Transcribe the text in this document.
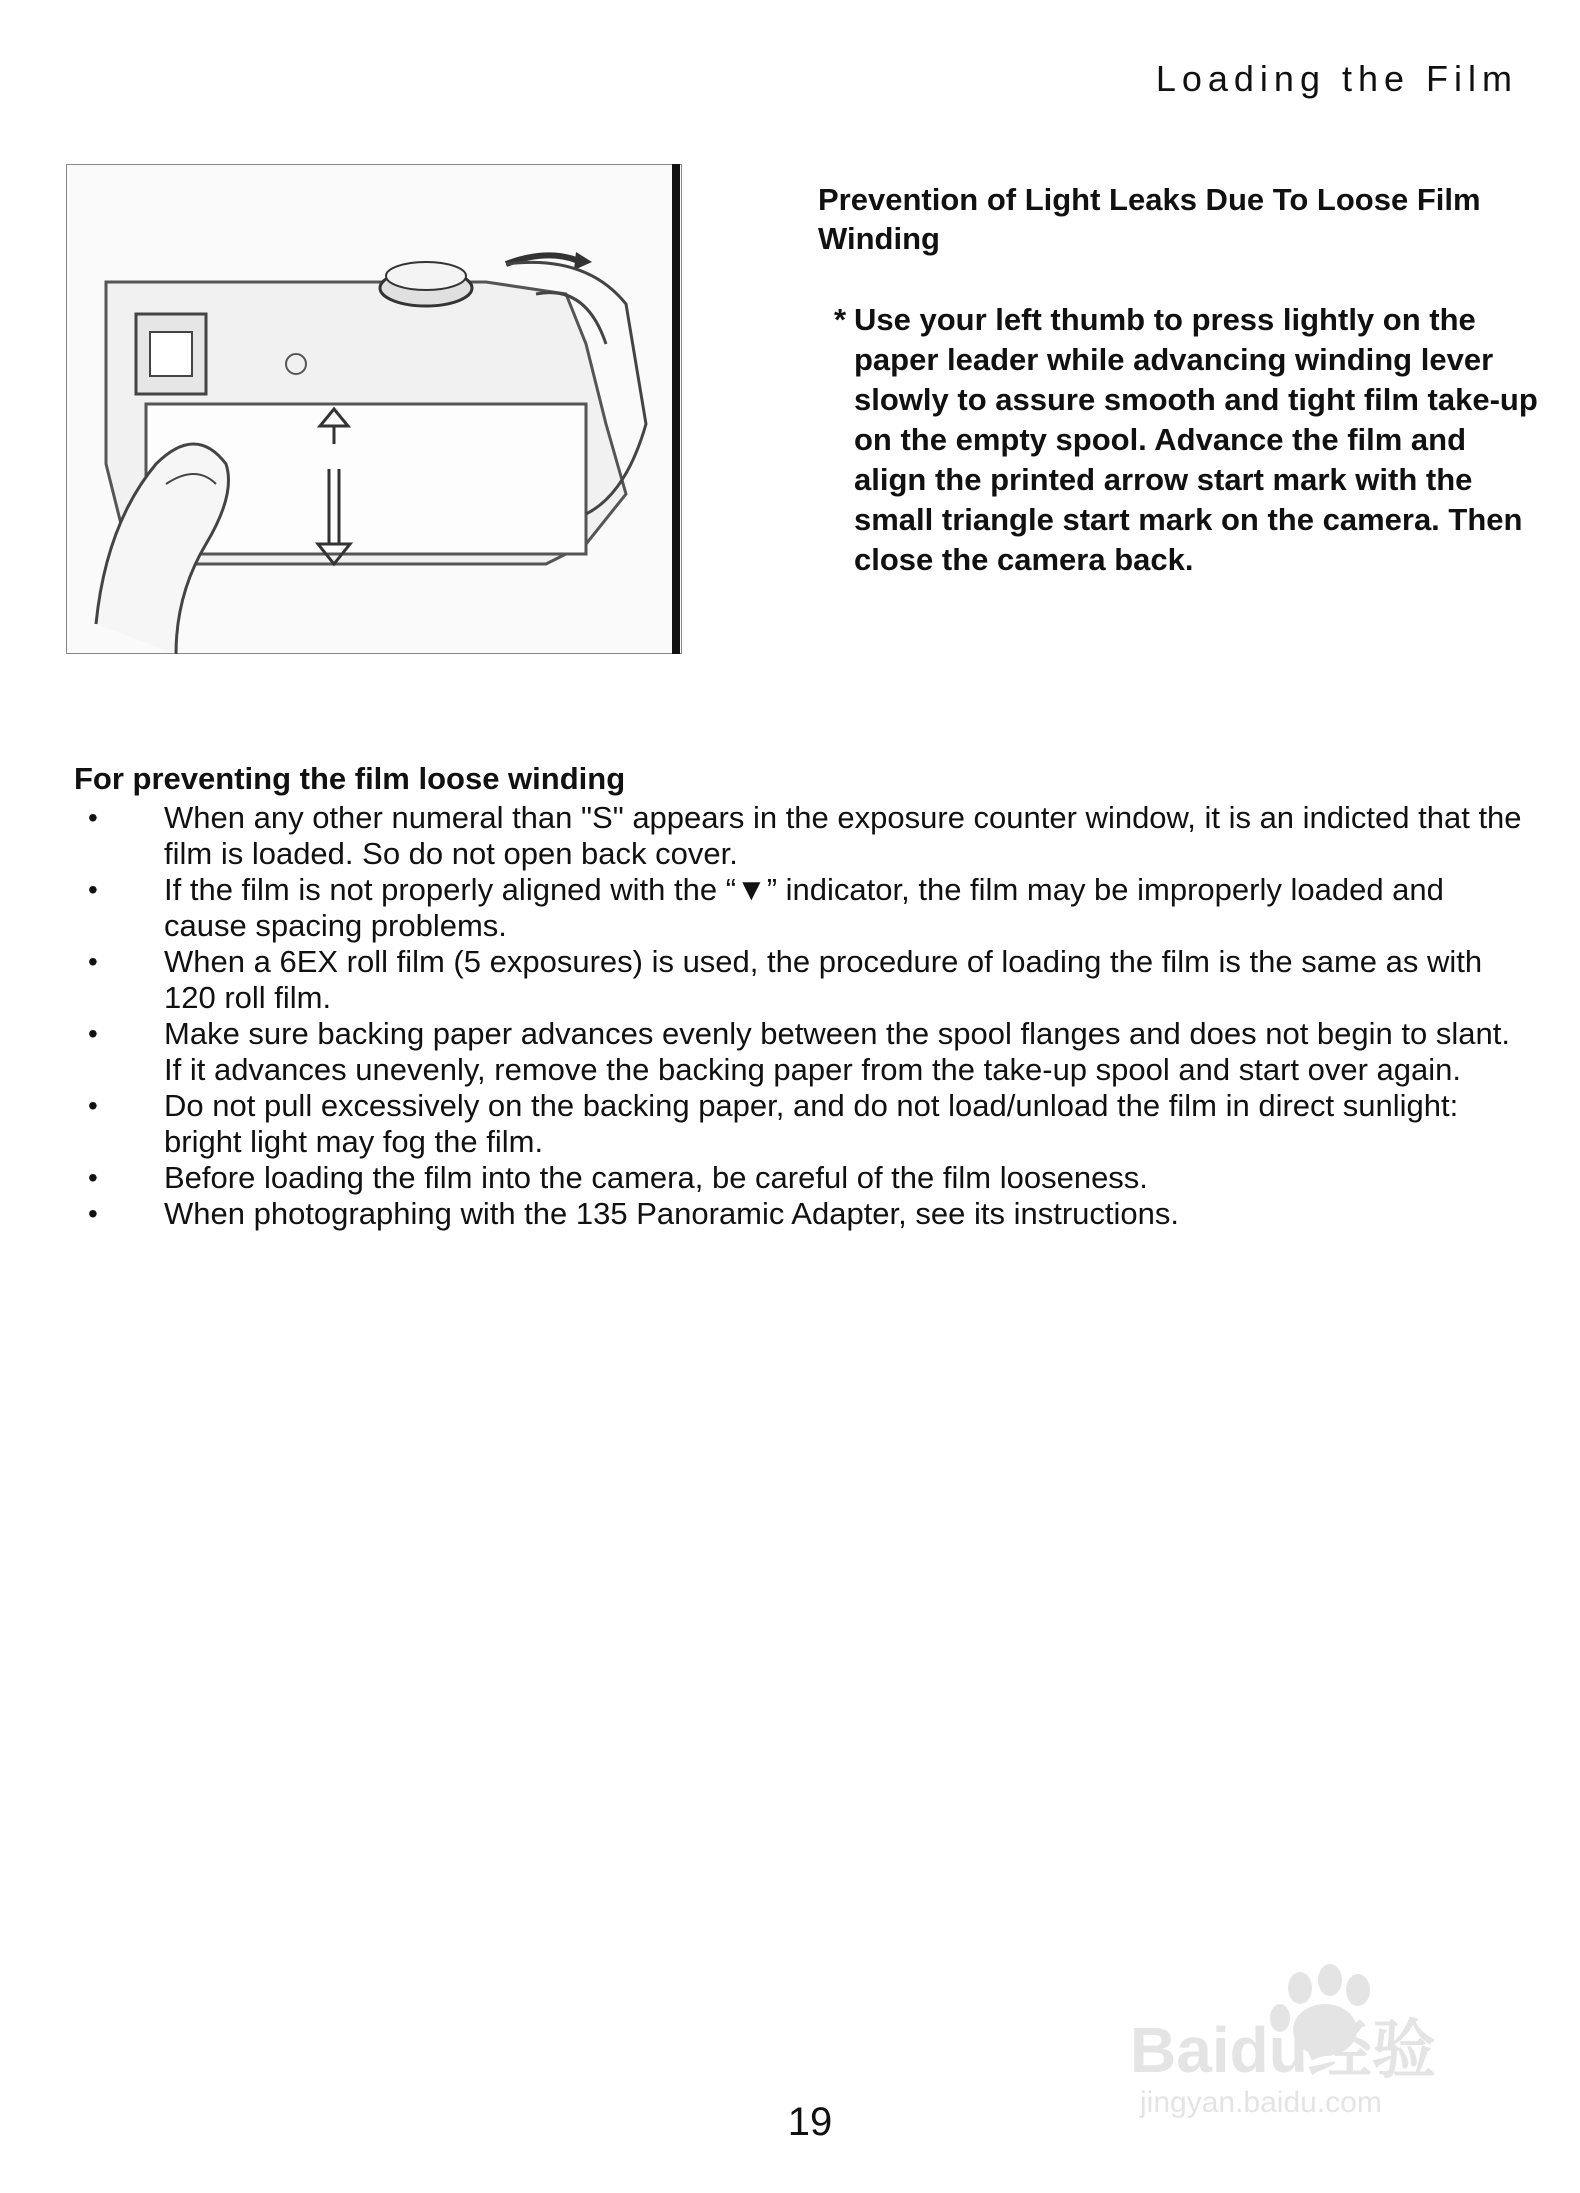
Loading the Film
Prevention of Light Leaks Due To Loose Film Winding
* Use your left thumb to press lightly on the paper leader while advancing winding lever slowly to assure smooth and tight film take-up on the empty spool. Advance the film and align the printed arrow start mark with the small triangle start mark on the camera. Then close the camera back.
For preventing the film loose winding
• When any other numeral than "S" appears in the exposure counter window, it is an indicted that the film is loaded. So do not open back cover.
• If the film is not properly aligned with the “▼” indicator, the film may be improperly loaded and cause spacing problems.
• When a 6EX roll film (5 exposures) is used, the procedure of loading the film is the same as with 120 roll film.
• Make sure backing paper advances evenly between the spool flanges and does not begin to slant. If it advances unevenly, remove the backing paper from the take-up spool and start over again.
• Do not pull excessively on the backing paper, and do not load/unload the film in direct sunlight: bright light may fog the film.
• Before loading the film into the camera, be careful of the film looseness.
• When photographing with the 135 Panoramic Adapter, see its instructions.
19
Baidu经验
jingyan.baidu.com
